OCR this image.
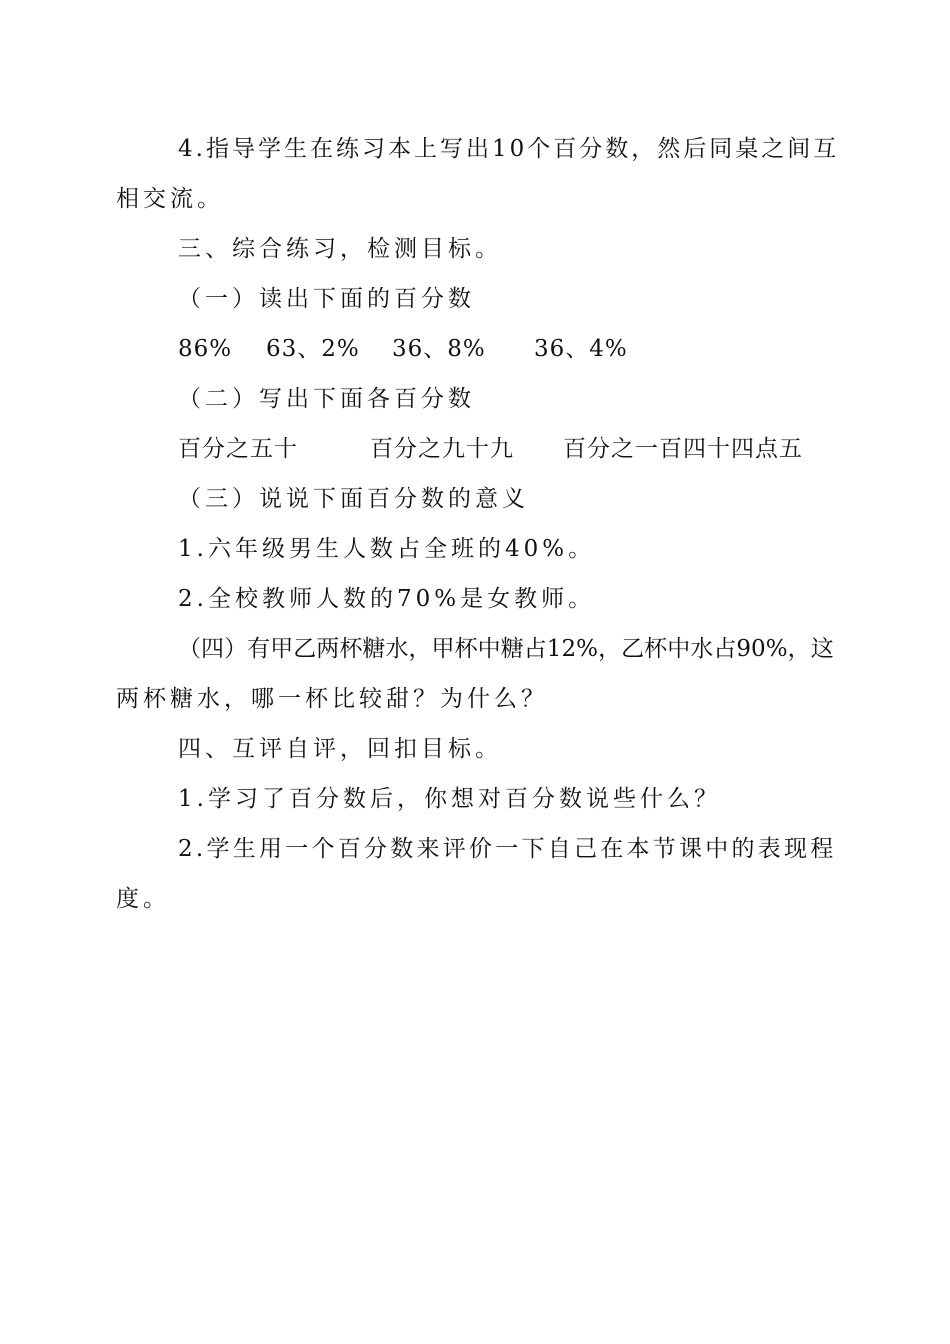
4.指导学生在练习本上写出10个百分数，然后同桌之间互
相交流。
三、综合练习，检测目标。
（一）读出下面的百分数
86% 63、2% 36、8% 36、4%
（二）写出下面各百分数
百分之五十	百分之九十九 百分之一百四十四点五
（三）说说下面百分数的意义
1.六年级男生人数占全班的40%。
2.全校教师人数的70%是女教师。
（四）有甲乙两杯糖水，甲杯中糖占12%，乙杯中水占90%，这
两杯糖水，哪一杯比较甜？为什么？
四、互评自评，回扣目标。
1.学习了百分数后，你想对百分数说些什么？
2.学生用一个百分数来评价一下自己在本节课中的表现程
度。
